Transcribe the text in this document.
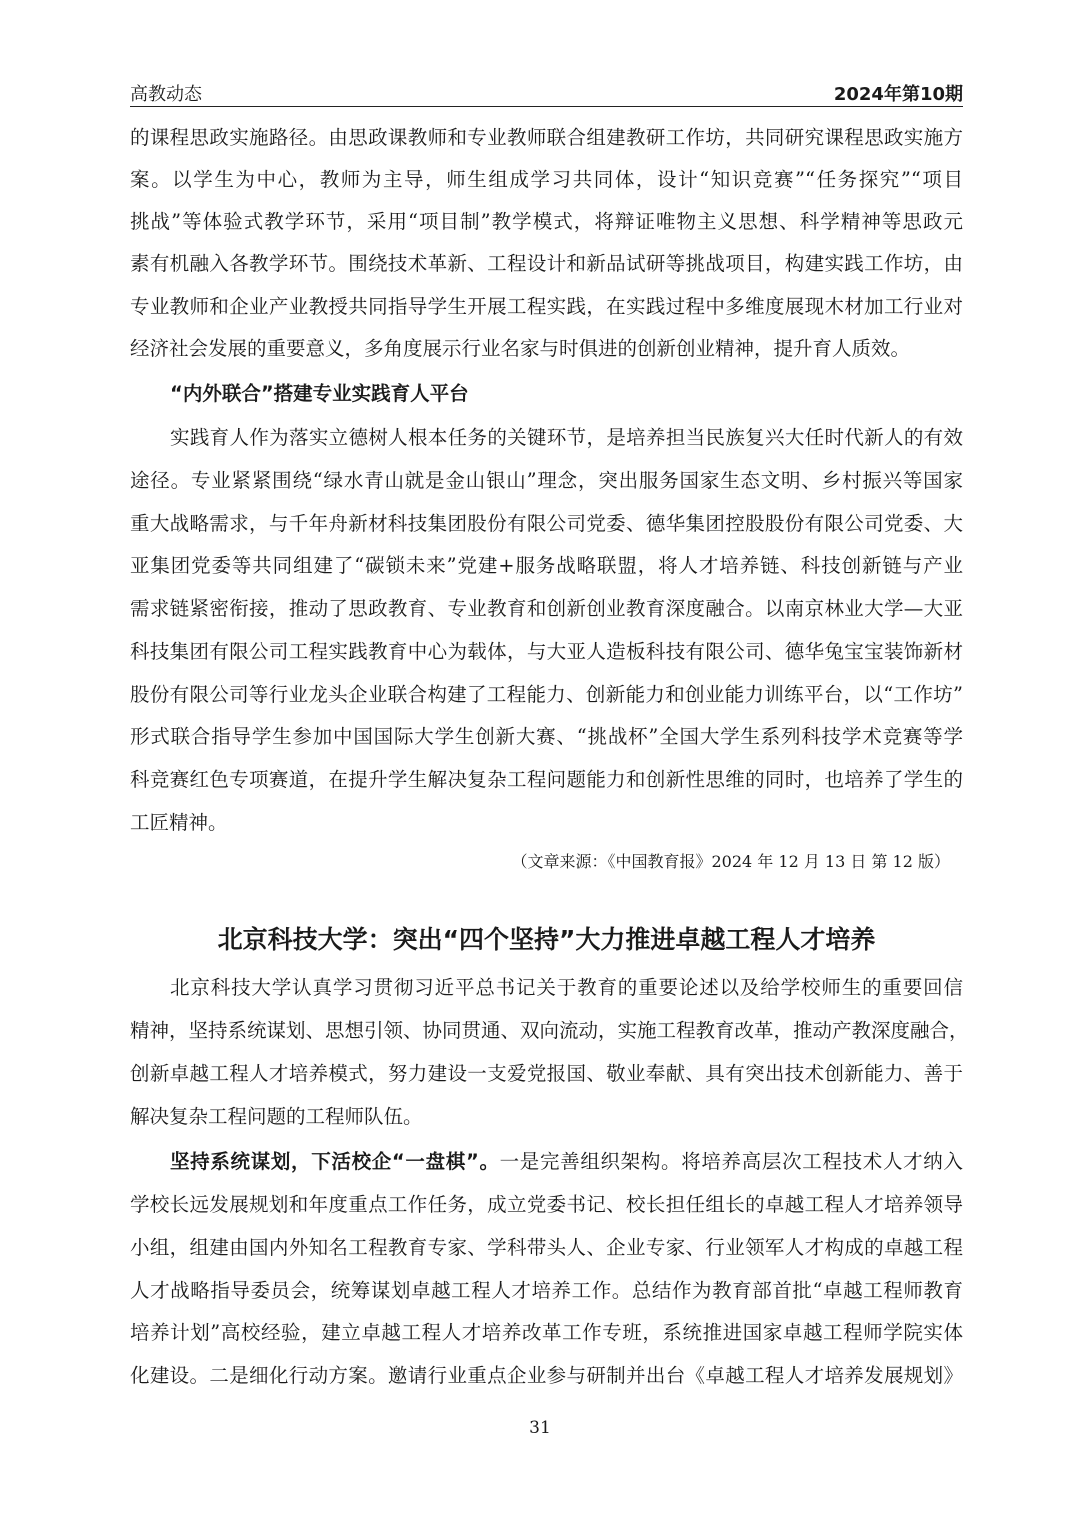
高教动态	2024年第10期
的课程思政实施路径。由思政课教师和专业教师联合组建教研工作坊，共同研究课程思政实施方
案。以学生为中心，教师为主导，师生组成学习共同体，设计“知识竞赛”“任务探究”“项目
挑战”等体验式教学环节，采用“项目制”教学模式，将辩证唯物主义思想、科学精神等思政元
素有机融入各教学环节。围绕技术革新、工程设计和新品试研等挑战项目，构建实践工作坊，由
专业教师和企业产业教授共同指导学生开展工程实践，在实践过程中多维度展现木材加工行业对
经济社会发展的重要意义，多角度展示行业名家与时俱进的创新创业精神，提升育人质效。
“内外联合”搭建专业实践育人平台
实践育人作为落实立德树人根本任务的关键环节，是培养担当民族复兴大任时代新人的有效
途径。专业紧紧围绕“绿水青山就是金山银山”理念，突出服务国家生态文明、乡村振兴等国家
重大战略需求，与千年舟新材科技集团股份有限公司党委、德华集团控股股份有限公司党委、大
亚集团党委等共同组建了“碳锁未来”党建+服务战略联盟，将人才培养链、科技创新链与产业
需求链紧密衔接，推动了思政教育、专业教育和创新创业教育深度融合。以南京林业大学—大亚
科技集团有限公司工程实践教育中心为载体，与大亚人造板科技有限公司、德华兔宝宝装饰新材
股份有限公司等行业龙头企业联合构建了工程能力、创新能力和创业能力训练平台，以“工作坊”
形式联合指导学生参加中国国际大学生创新大赛、“挑战杯”全国大学生系列科技学术竞赛等学
科竞赛红色专项赛道，在提升学生解决复杂工程问题能力和创新性思维的同时，也培养了学生的
工匠精神。
（文章来源：《中国教育报》2024 年 12 月 13 日 第 12 版）
北京科技大学：突出“四个坚持”大力推进卓越工程人才培养
北京科技大学认真学习贯彻习近平总书记关于教育的重要论述以及给学校师生的重要回信
精神，坚持系统谋划、思想引领、协同贯通、双向流动，实施工程教育改革，推动产教深度融合，
创新卓越工程人才培养模式，努力建设一支爱党报国、敬业奉献、具有突出技术创新能力、善于
解决复杂工程问题的工程师队伍。
坚持系统谋划，下活校企“一盘棋”。一是完善组织架构。将培养高层次工程技术人才纳入
学校长远发展规划和年度重点工作任务，成立党委书记、校长担任组长的卓越工程人才培养领导
小组，组建由国内外知名工程教育专家、学科带头人、企业专家、行业领军人才构成的卓越工程
人才战略指导委员会，统筹谋划卓越工程人才培养工作。总结作为教育部首批“卓越工程师教育
培养计划”高校经验，建立卓越工程人才培养改革工作专班，系统推进国家卓越工程师学院实体
化建设。二是细化行动方案。邀请行业重点企业参与研制并出台《卓越工程人才培养发展规划》
31
